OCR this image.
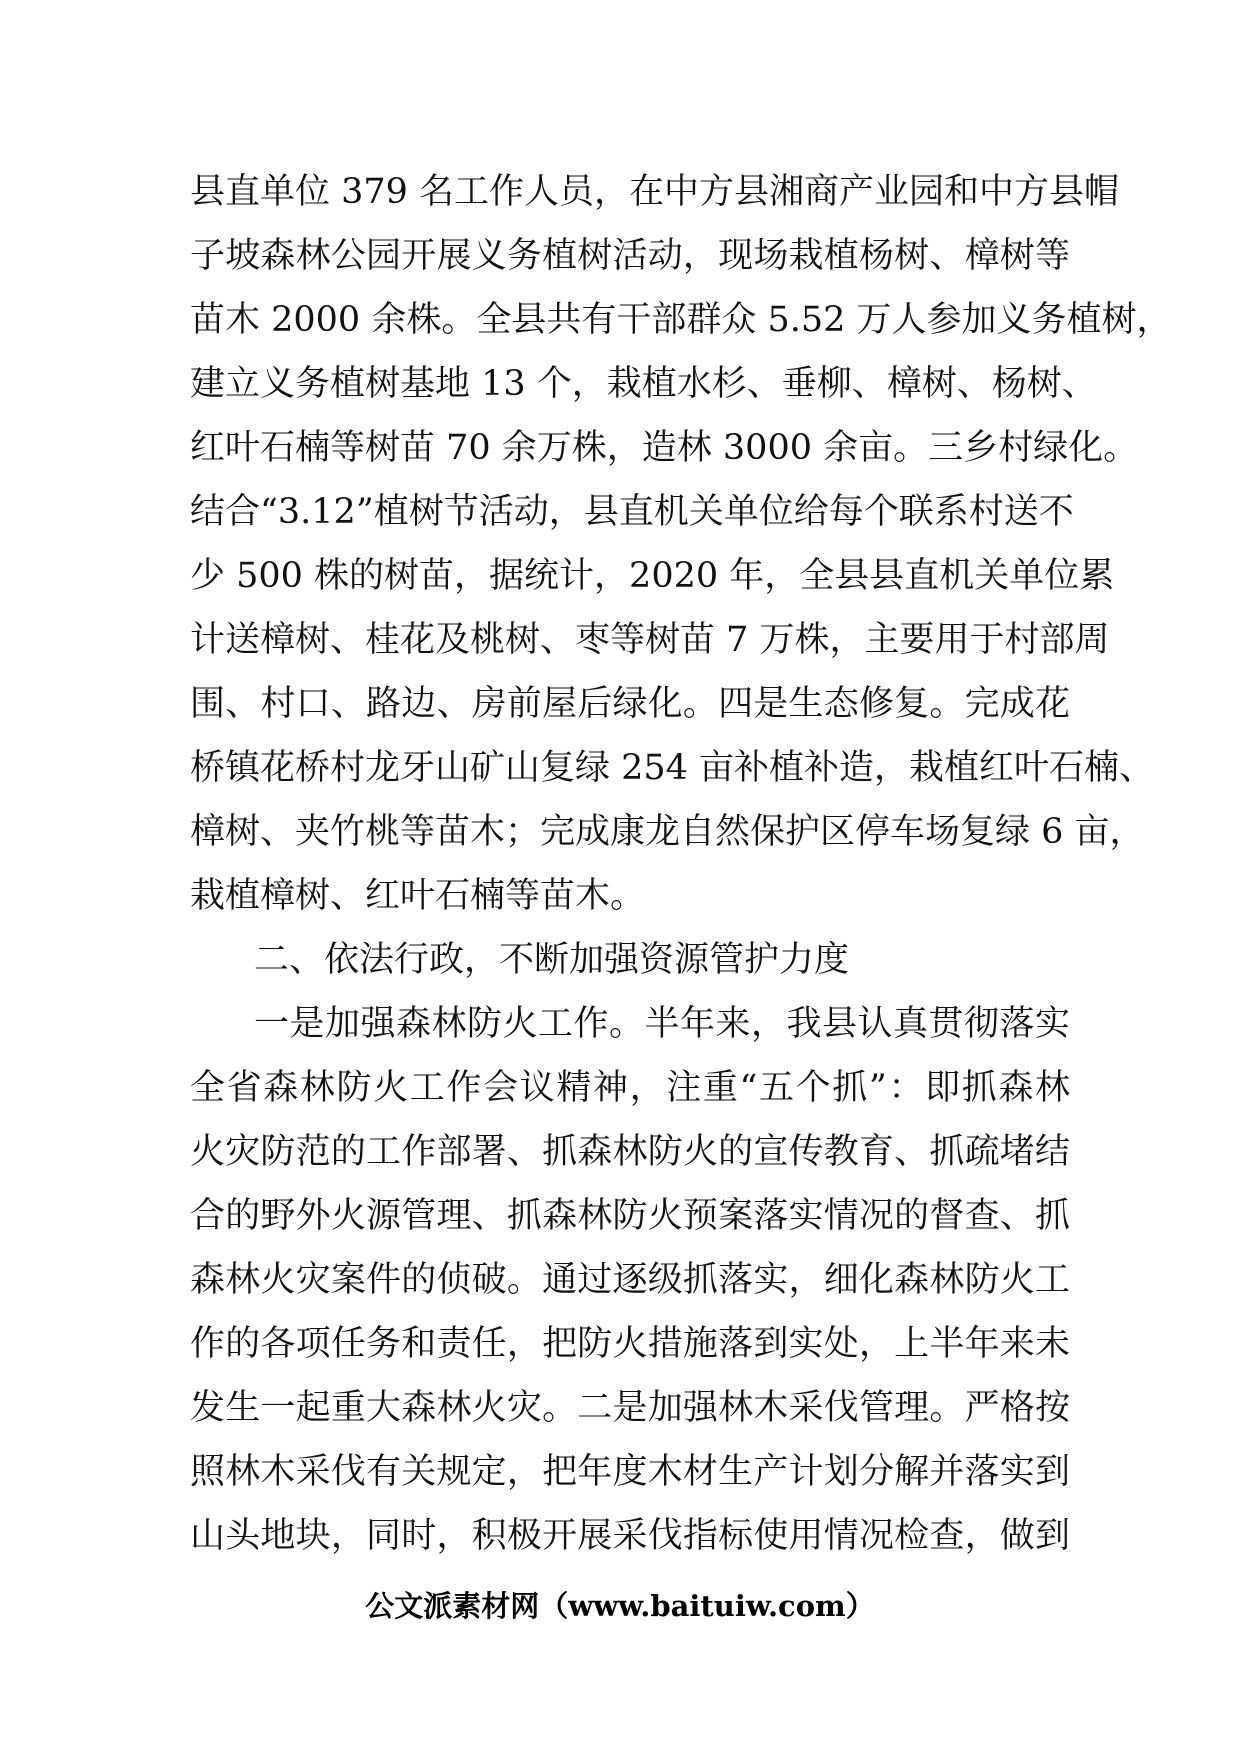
县直单位 379 名工作人员，在中方县湘商产业园和中方县帽
子坡森林公园开展义务植树活动，现场栽植杨树、樟树等
苗木 2000 余株。全县共有干部群众 5.52 万人参加义务植树，
建立义务植树基地 13 个，栽植水杉、垂柳、樟树、杨树、
红叶石楠等树苗 70 余万株，造林 3000 余亩。三乡村绿化。
结合“3.12”植树节活动，县直机关单位给每个联系村送不
少 500 株的树苗，据统计，2020 年，全县县直机关单位累
计送樟树、桂花及桃树、枣等树苗 7 万株，主要用于村部周
围、村口、路边、房前屋后绿化。四是生态修复。完成花
桥镇花桥村龙牙山矿山复绿 254 亩补植补造，栽植红叶石楠、
樟树、夹竹桃等苗木；完成康龙自然保护区停车场复绿 6 亩，
栽植樟树、红叶石楠等苗木。
二、依法行政，不断加强资源管护力度
一是加强森林防火工作。半年来，我县认真贯彻落实
全省森林防火工作会议精神，注重“五个抓”：即抓森林
火灾防范的工作部署、抓森林防火的宣传教育、抓疏堵结
合的野外火源管理、抓森林防火预案落实情况的督查、抓
森林火灾案件的侦破。通过逐级抓落实，细化森林防火工
作的各项任务和责任，把防火措施落到实处，上半年来未
发生一起重大森林火灾。二是加强林木采伐管理。严格按
照林木采伐有关规定，把年度木材生产计划分解并落实到
山头地块，同时，积极开展采伐指标使用情况检查，做到
公文派素材网（www.baituiw.com）
